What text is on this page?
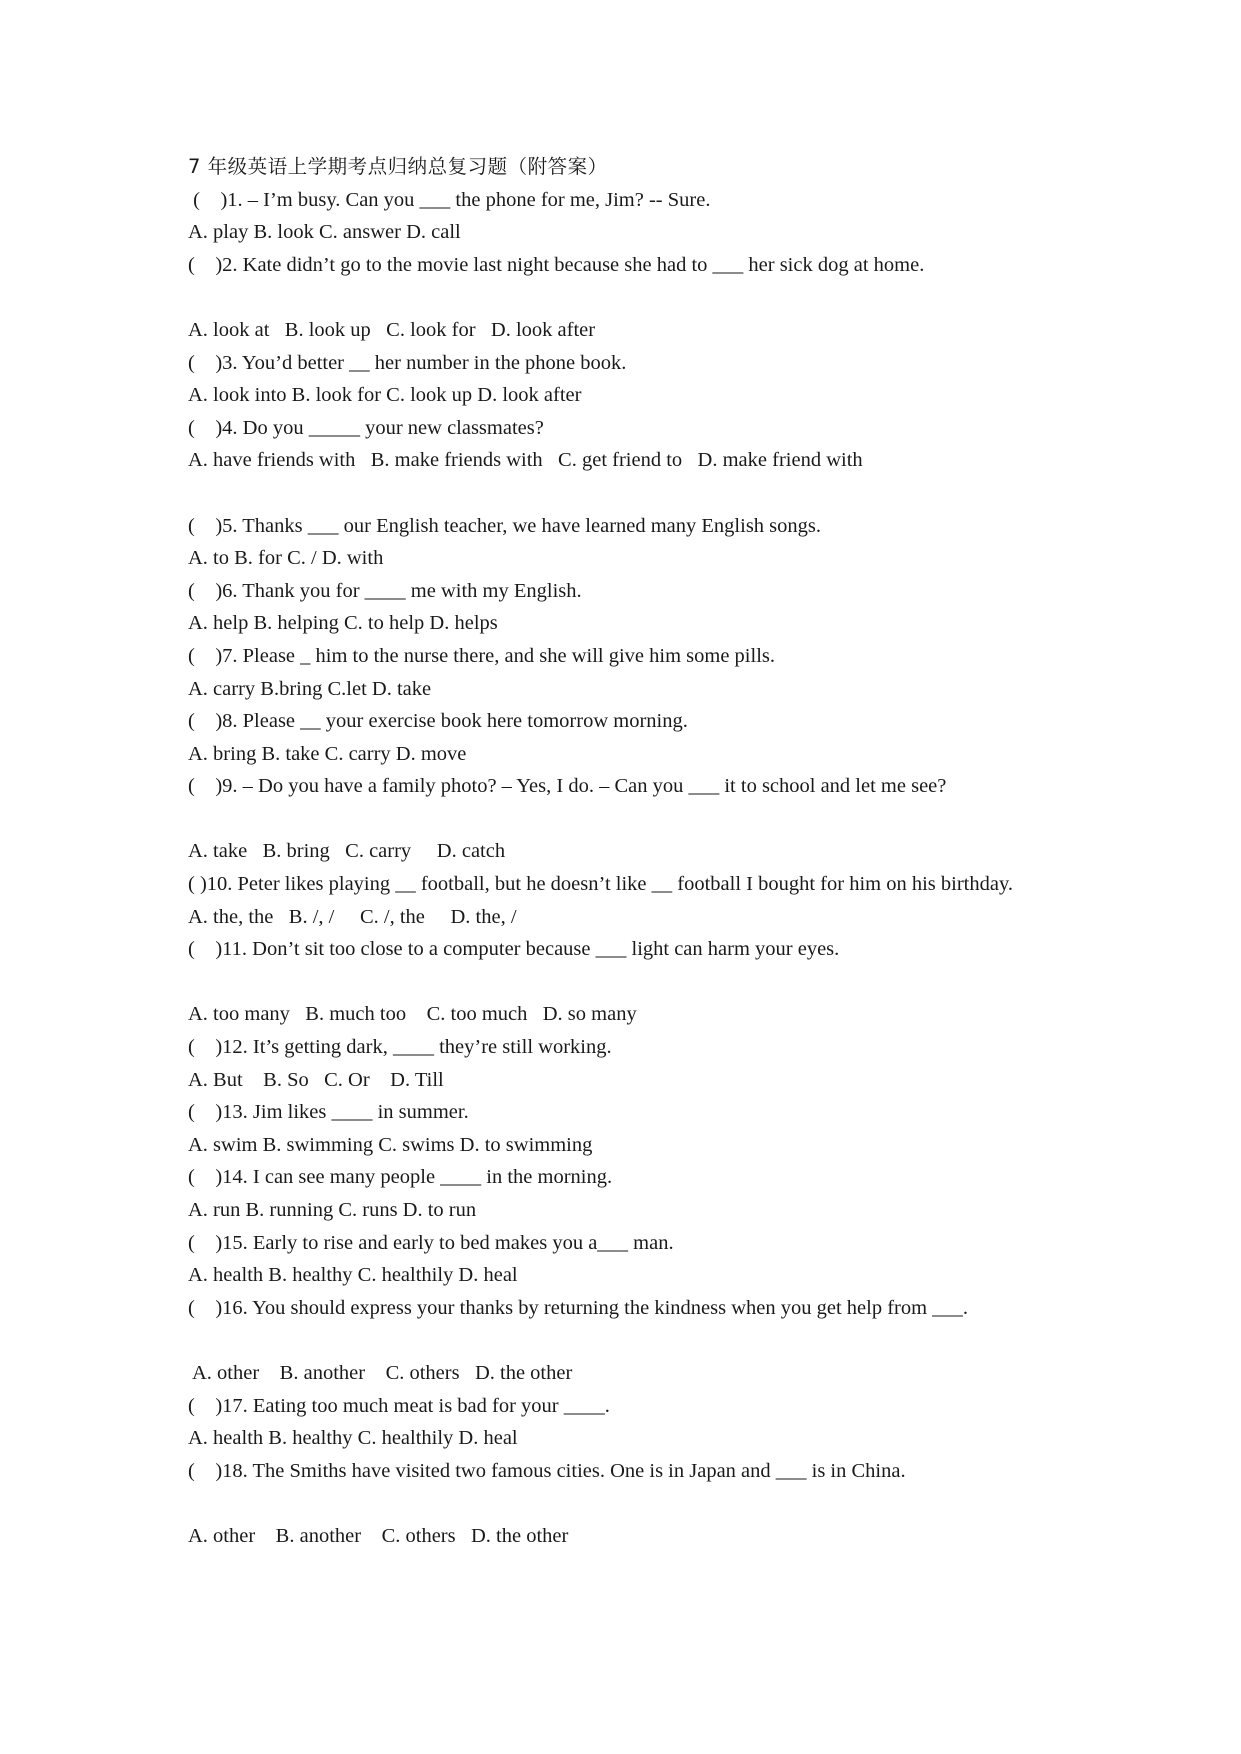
7 年级英语上学期考点归纳总复习题（附答案）
(    )1. – I’m busy. Can you ___ the phone for me, Jim? -- Sure.
A. play B. look C. answer D. call
(    )2. Kate didn’t go to the movie last night because she had to ___ her sick dog at home.
A. look at   B. look up   C. look for   D. look after
(    )3. You’d better __ her number in the phone book.
A. look into B. look for C. look up D. look after
(    )4. Do you _____ your new classmates?
A. have friends with   B. make friends with   C. get friend to   D. make friend with
(    )5. Thanks ___ our English teacher, we have learned many English songs.
A. to B. for C. / D. with
(    )6. Thank you for ____ me with my English.
A. help B. helping C. to help D. helps
(    )7. Please _ him to the nurse there, and she will give him some pills.
A. carry B.bring C.let D. take
(    )8. Please __ your exercise book here tomorrow morning.
A. bring B. take C. carry D. move
(    )9. – Do you have a family photo? – Yes, I do. – Can you ___ it to school and let me see?
A. take   B. bring   C. carry     D. catch
( )10. Peter likes playing __ football, but he doesn’t like __ football I bought for him on his birthday.
A. the, the   B. /, /     C. /, the     D. the, /
(    )11. Don’t sit too close to a computer because ___ light can harm your eyes.
A. too many   B. much too    C. too much   D. so many
(    )12. It’s getting dark, ____ they’re still working.
A. But    B. So   C. Or    D. Till
(    )13. Jim likes ____ in summer.
A. swim B. swimming C. swims D. to swimming
(    )14. I can see many people ____ in the morning.
A. run B. running C. runs D. to run
(    )15. Early to rise and early to bed makes you a___ man.
A. health B. healthy C. healthily D. heal
(    )16. You should express your thanks by returning the kindness when you get help from ___.
A. other    B. another    C. others   D. the other
(    )17. Eating too much meat is bad for your ____.
A. health B. healthy C. healthily D. heal
(    )18. The Smiths have visited two famous cities. One is in Japan and ___ is in China.
A. other    B. another    C. others   D. the other
